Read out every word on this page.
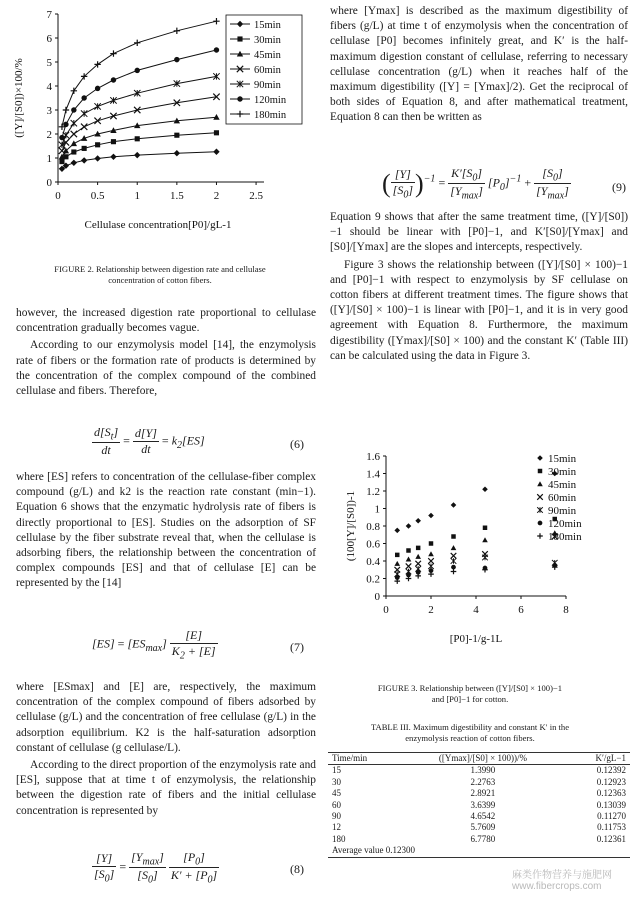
0
1
2
3
4
5
6
7
0	0.5	1	1.5	2	2.5
Cellulase concentration[P0]/gL-1
([Y]/[S0])×100/%
15min
30min
45min
60min
90min
120min
180min
FIGURE 2. Relationship between digestion rate and cellulase concentration of cotton fibers.

however, the increased digestion rate proportional to cellulase concentration gradually becomes vague.

According to our enzymolysis model [14], the enzymolysis rate of fibers or the formation rate of products is determined by the concentration of the complex compound of the combined cellulase and fibers. Therefore,

$\frac{d[S_t]}{dt} = \frac{d[Y]}{dt} = k_2[ES]$	(6)

where [ES] refers to concentration of the cellulase-fiber complex compound (g/L) and k2 is the reaction rate constant (min−1). Equation 6 shows that the enzymatic hydrolysis rate of fibers is directly proportional to [ES]. Studies on the adsorption of SF cellulase by the fiber substrate reveal that, when the cellulase is adsorbing fibers, the relationship between the concentration of complex compounds [ES] and that of cellulase [E] can be represented by the [14]

$[ES] = [ES_{max}] \frac{[E]}{K_2 + [E]}$	(7)

where [ESmax] and [E] are, respectively, the maximum concentration of the complex compound of fibers adsorbed by cellulase (g/L) and the concentration of free cellulase (g/L) in the adsorption equilibrium. K2 is the half-saturation adsorption constant of cellulase (g cellulase/L).

According to the direct proportion of the enzymolysis rate and [ES], suppose that at time t of enzymolysis, the relationship between the digestion rate of fibers and the initial cellulase concentration is represented by

$\frac{[Y]}{[S_0]} = \frac{[Y_{max}]}{[S_0]}$
$\frac{[P_0]}{K' + [P_0]}$	(8)

where [Ymax] is described as the maximum digestibility of fibers (g/L) at time t of enzymolysis when the concentration of cellulase [P0] becomes infinitely great, and K′ is the half-maximum digestion constant of cellulase, referring to necessary cellulase concentration (g/L) when it reaches half of the maximum digestibility ([Y] = [Ymax]/2). Get the reciprocal of both sides of Equation 8, and after mathematical treatment, Equation 8 can then be written as

( $\frac{[Y]}{[S_0]} )^{-1} = \frac{K'[S_0]}{[Y_{max}]} [P_0]^{-1} + \frac{[S_0]}{[Y_{max}]}$	(9)

Equation 9 shows that after the same treatment time, ([Y]/[S0])−1 should be linear with [P0]−1, and K′[S0]/[Ymax] and [S0]/[Ymax] are the slopes and intercepts, respectively.

Figure 3 shows the relationship between ([Y]/[S0] × 100)−1 and [P0]−1 with respect to enzymolysis by SF cellulase on cotton fibers at different treatment times. The figure shows that ([Y]/[S0] × 100)−1 is linear with [P0]−1, and it is in very good agreement with Equation 8. Furthermore, the maximum digestibility ([Ymax]/[S0] × 100) and the constant K′ (Table III) can be calculated using the data in Figure 3.

0
0.2
0.4
0.6
0.8
1
1.2
1.4
1.6
0	2	4	6	8
[P0]-1/g-1L
(100[Y]/[S0])-1
15min
30min
45min
60min
90min
120min
180min
FIGURE 3. Relationship between ([Y]/[S0] × 100)−1
and [P0]−1 for cotton.
TABLE III. Maximum digestibility and constant K′ in the
enzymolysis reaction of cotton fibers.
Time/min	([Ymax]/[S0] × 100))/%	K′/gL−1
15	1.3990	0.12392
30	2.2763	0.12923
45	2.8921	0.12363
60	3.6399	0.13039
90	4.6542	0.11270
12	5.7609	0.11753
180	6.7780	0.12361
Average value 0.12300		
麻类作物营养与施肥网
www.fibercrops.com
